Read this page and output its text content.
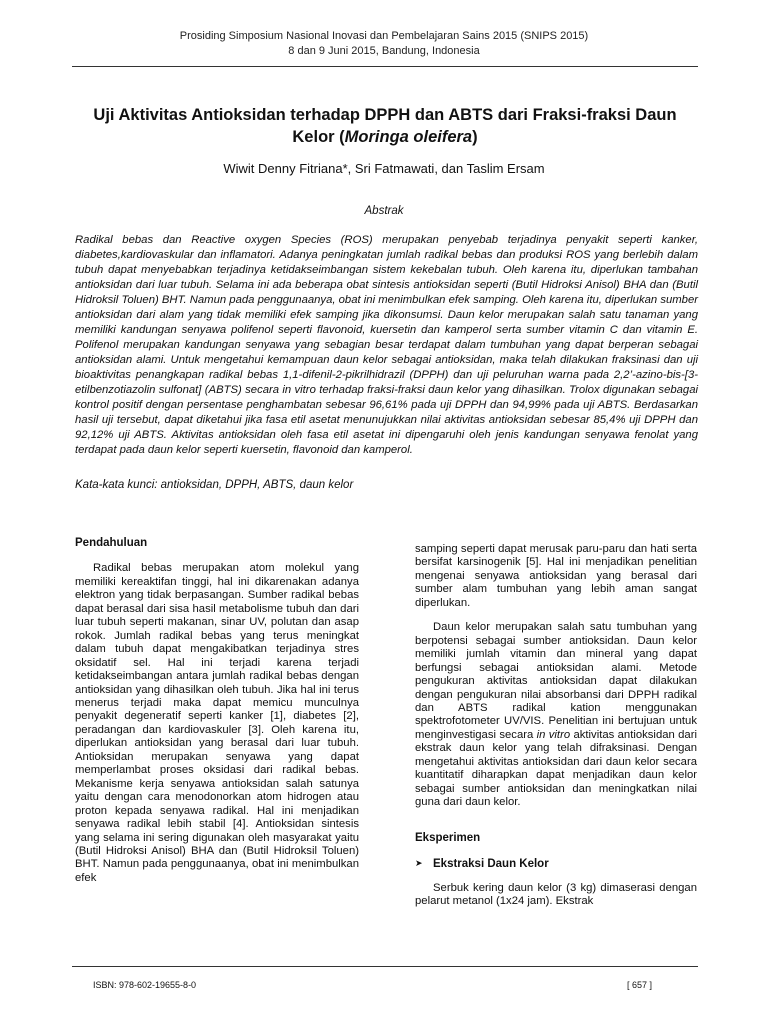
Prosiding Simposium Nasional Inovasi dan Pembelajaran Sains 2015 (SNIPS 2015)
8 dan 9 Juni 2015, Bandung, Indonesia
Uji Aktivitas Antioksidan terhadap DPPH dan ABTS dari Fraksi-fraksi Daun Kelor (Moringa oleifera)
Wiwit Denny Fitriana*, Sri Fatmawati, dan Taslim Ersam
Abstrak

Radikal bebas dan Reactive oxygen Species (ROS) merupakan penyebab terjadinya penyakit seperti kanker, diabetes,kardiovaskular dan inflamatori. Adanya peningkatan jumlah radikal bebas dan produksi ROS yang berlebih dalam tubuh dapat menyebabkan terjadinya ketidakseimbangan sistem kekebalan tubuh. Oleh karena itu, diperlukan tambahan antioksidan dari luar tubuh. Selama ini ada beberapa obat sintesis antioksidan seperti (Butil Hidroksi Anisol) BHA dan (Butil Hidroksil Toluen) BHT. Namun pada penggunaanya, obat ini menimbulkan efek samping. Oleh karena itu, diperlukan sumber antioksidan dari alam yang tidak memiliki efek samping jika dikonsumsi. Daun kelor merupakan salah satu tanaman yang memiliki kandungan senyawa polifenol seperti flavonoid, kuersetin dan kamperol serta sumber vitamin C dan vitamin E. Polifenol merupakan kandungan senyawa yang sebagian besar terdapat dalam tumbuhan yang dapat berperan sebagai antioksidan alami. Untuk mengetahui kemampuan daun kelor sebagai antioksidan, maka telah dilakukan fraksinasi dan uji bioaktivitas penangkapan radikal bebas 1,1-difenil-2-pikrilhidrazil (DPPH) dan uji peluruhan warna pada 2,2’-azino-bis-[3-etilbenzotiazolin sulfonat] (ABTS) secara in vitro terhadap fraksi-fraksi daun kelor yang dihasilkan. Trolox digunakan sebagai kontrol positif dengan persentase penghambatan sebesar 96,61% pada uji DPPH dan 94,99% pada uji ABTS. Berdasarkan hasil uji tersebut, dapat diketahui jika fasa etil asetat menunujukkan nilai aktivitas antioksidan sebesar 85,4% uji DPPH dan 92,12% uji ABTS. Aktivitas antioksidan oleh fasa etil asetat ini dipengaruhi oleh jenis kandungan senyawa fenolat yang terdapat pada daun kelor seperti kuersetin, flavonoid dan kamperol.

Kata-kata kunci: antioksidan, DPPH, ABTS, daun kelor
Pendahuluan

Radikal bebas merupakan atom molekul yang memiliki kereaktifan tinggi, hal ini dikarenakan adanya elektron yang tidak berpasangan. Sumber radikal bebas dapat berasal dari sisa hasil metabolisme tubuh dan dari luar tubuh seperti makanan, sinar UV, polutan dan asap rokok. Jumlah radikal bebas yang terus meningkat dalam tubuh dapat mengakibatkan terjadinya stres oksidatif sel. Hal ini terjadi karena terjadi ketidakseimbangan antara jumlah radikal bebas dengan antioksidan yang dihasilkan oleh tubuh. Jika hal ini terus menerus terjadi maka dapat memicu munculnya penyakit degeneratif seperti kanker [1], diabetes [2], peradangan dan kardiovaskuler [3]. Oleh karena itu, diperlukan antioksidan yang berasal dari luar tubuh. Antioksidan merupakan senyawa yang dapat memperlambat proses oksidasi dari radikal bebas. Mekanisme kerja senyawa antioksidan salah satunya yaitu dengan cara menodonorkan atom hidrogen atau proton kepada senyawa radikal. Hal ini menjadikan senyawa radikal lebih stabil [4]. Antioksidan sintesis yang selama ini sering digunakan oleh masyarakat yaitu (Butil Hidroksi Anisol) BHA dan (Butil Hidroksil Toluen) BHT. Namun pada penggunaanya, obat ini menimbulkan efek

samping seperti dapat merusak paru-paru dan hati serta bersifat karsinogenik [5]. Hal ini menjadikan penelitian mengenai senyawa antioksidan yang berasal dari sumber alam tumbuhan yang lebih aman sangat diperlukan.

Daun kelor merupakan salah satu tumbuhan yang berpotensi sebagai sumber antioksidan. Daun kelor memiliki jumlah vitamin dan mineral yang dapat berfungsi sebagai antioksidan alami. Metode pengukuran aktivitas antioksidan dapat dilakukan dengan pengukuran nilai absorbansi dari DPPH radikal dan ABTS radikal kation menggunakan spektrofotometer UV/VIS. Penelitian ini bertujuan untuk menginvestigasi secara in vitro aktivitas antioksidan dari ekstrak daun kelor yang telah difraksinasi. Dengan mengetahui aktivitas antioksidan dari daun kelor secara kuantitatif diharapkan dapat menjadikan daun kelor sebagai sumber antioksidan dan meningkatkan nilai guna dari daun kelor.

Eksperimen
➤ Ekstraksi Daun Kelor

Serbuk kering daun kelor (3 kg) dimaserasi dengan pelarut metanol (1x24 jam). Ekstrak

ISBN: 978-602-19655-8-0	[ 657 ]
